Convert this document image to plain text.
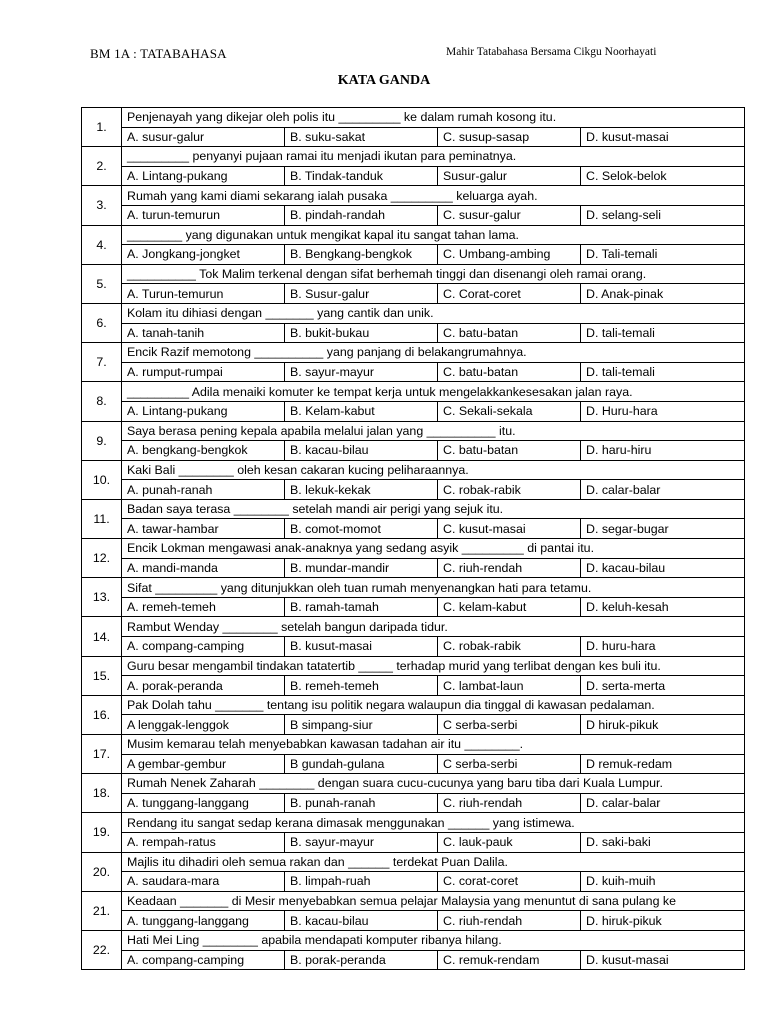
BM 1A : TATABAHASA	Mahir Tatabahasa Bersama Cikgu Noorhayati
KATA GANDA
1.	Penjenayah yang dikejar oleh polis itu _________ ke dalam rumah kosong itu.			
	A. susur-galur	B. suku-sakat	C. susup-sasap	D. kusut-masai
2.	_________ penyanyi pujaan ramai itu menjadi ikutan para peminatnya.			
	A. Lintang-pukang	B. Tindak-tanduk	Susur-galur	C. Selok-belok
3.	Rumah yang kami diami sekarang ialah pusaka _________ keluarga ayah.			
	A. turun-temurun	B. pindah-randah	C. susur-galur	D. selang-seli
4.	________ yang digunakan untuk mengikat kapal itu sangat tahan lama.			
	A. Jongkang-jongket	B. Bengkang-bengkok	C. Umbang-ambing	D. Tali-temali
5.	__________ Tok Malim terkenal dengan sifat berhemah tinggi dan disenangi oleh ramai orang.			
	A. Turun-temurun	B. Susur-galur	C. Corat-coret	D. Anak-pinak
6.	Kolam itu dihiasi dengan _______ yang cantik dan unik.			
	A. tanah-tanih	B. bukit-bukau	C. batu-batan	D. tali-temali
7.	Encik Razif memotong __________ yang panjang di belakangrumahnya.			
	A. rumput-rumpai	B. sayur-mayur	C. batu-batan	D. tali-temali
8.	_________ Adila menaiki komuter ke tempat kerja untuk mengelakkankesesakan jalan raya.			
	A. Lintang-pukang	B. Kelam-kabut	C. Sekali-sekala	D. Huru-hara
9.	Saya berasa pening kepala apabila melalui jalan yang __________ itu.			
	A. bengkang-bengkok	B. kacau-bilau	C. batu-batan	D. haru-hiru
10.	Kaki Bali ________ oleh kesan cakaran kucing peliharaannya.			
	A. punah-ranah	B. lekuk-kekak	C. robak-rabik	D. calar-balar
11.	Badan saya terasa ________ setelah mandi air perigi yang sejuk itu.			
	A. tawar-hambar	B. comot-momot	C. kusut-masai	D. segar-bugar
12.	Encik Lokman mengawasi anak-anaknya yang sedang asyik _________ di pantai itu.			
	A. mandi-manda	B. mundar-mandir	C. riuh-rendah	D. kacau-bilau
13.	Sifat _________ yang ditunjukkan oleh tuan rumah menyenangkan hati para tetamu.			
	A. remeh-temeh	B. ramah-tamah	C. kelam-kabut	D. keluh-kesah
14.	Rambut Wenday ________ setelah bangun daripada tidur.			
	A. compang-camping	B. kusut-masai	C. robak-rabik	D. huru-hara
15.	Guru besar mengambil tindakan tatatertib _____ terhadap murid yang terlibat dengan kes buli itu.			
	A. porak-peranda	B. remeh-temeh	C. lambat-laun	D. serta-merta
16.	Pak Dolah tahu _______ tentang isu politik negara walaupun dia tinggal di kawasan pedalaman.			
	A lenggak-lenggok	B simpang-siur	C serba-serbi	D hiruk-pikuk
17.	Musim kemarau telah menyebabkan kawasan tadahan air itu ________.			
	A gembar-gembur	B gundah-gulana	C serba-serbi	D remuk-redam
18.	Rumah Nenek Zaharah ________ dengan suara cucu-cucunya yang baru tiba dari Kuala Lumpur.			
	A. tunggang-langgang	B. punah-ranah	C. riuh-rendah	D. calar-balar
19.	Rendang itu sangat sedap kerana dimasak menggunakan ______ yang istimewa.			
	A. rempah-ratus	B. sayur-mayur	C. lauk-pauk	D. saki-baki
20.	Majlis itu dihadiri oleh semua rakan dan ______ terdekat Puan Dalila.			
	A. saudara-mara	B. limpah-ruah	C. corat-coret	D. kuih-muih
21.	Keadaan _______ di Mesir menyebabkan semua pelajar Malaysia yang menuntut di sana pulang ke			
	A. tunggang-langgang	B. kacau-bilau	C. riuh-rendah	D. hiruk-pikuk
22.	Hati Mei Ling ________ apabila mendapati komputer ribanya hilang.			
	A. compang-camping	B. porak-peranda	C. remuk-rendam	D. kusut-masai
